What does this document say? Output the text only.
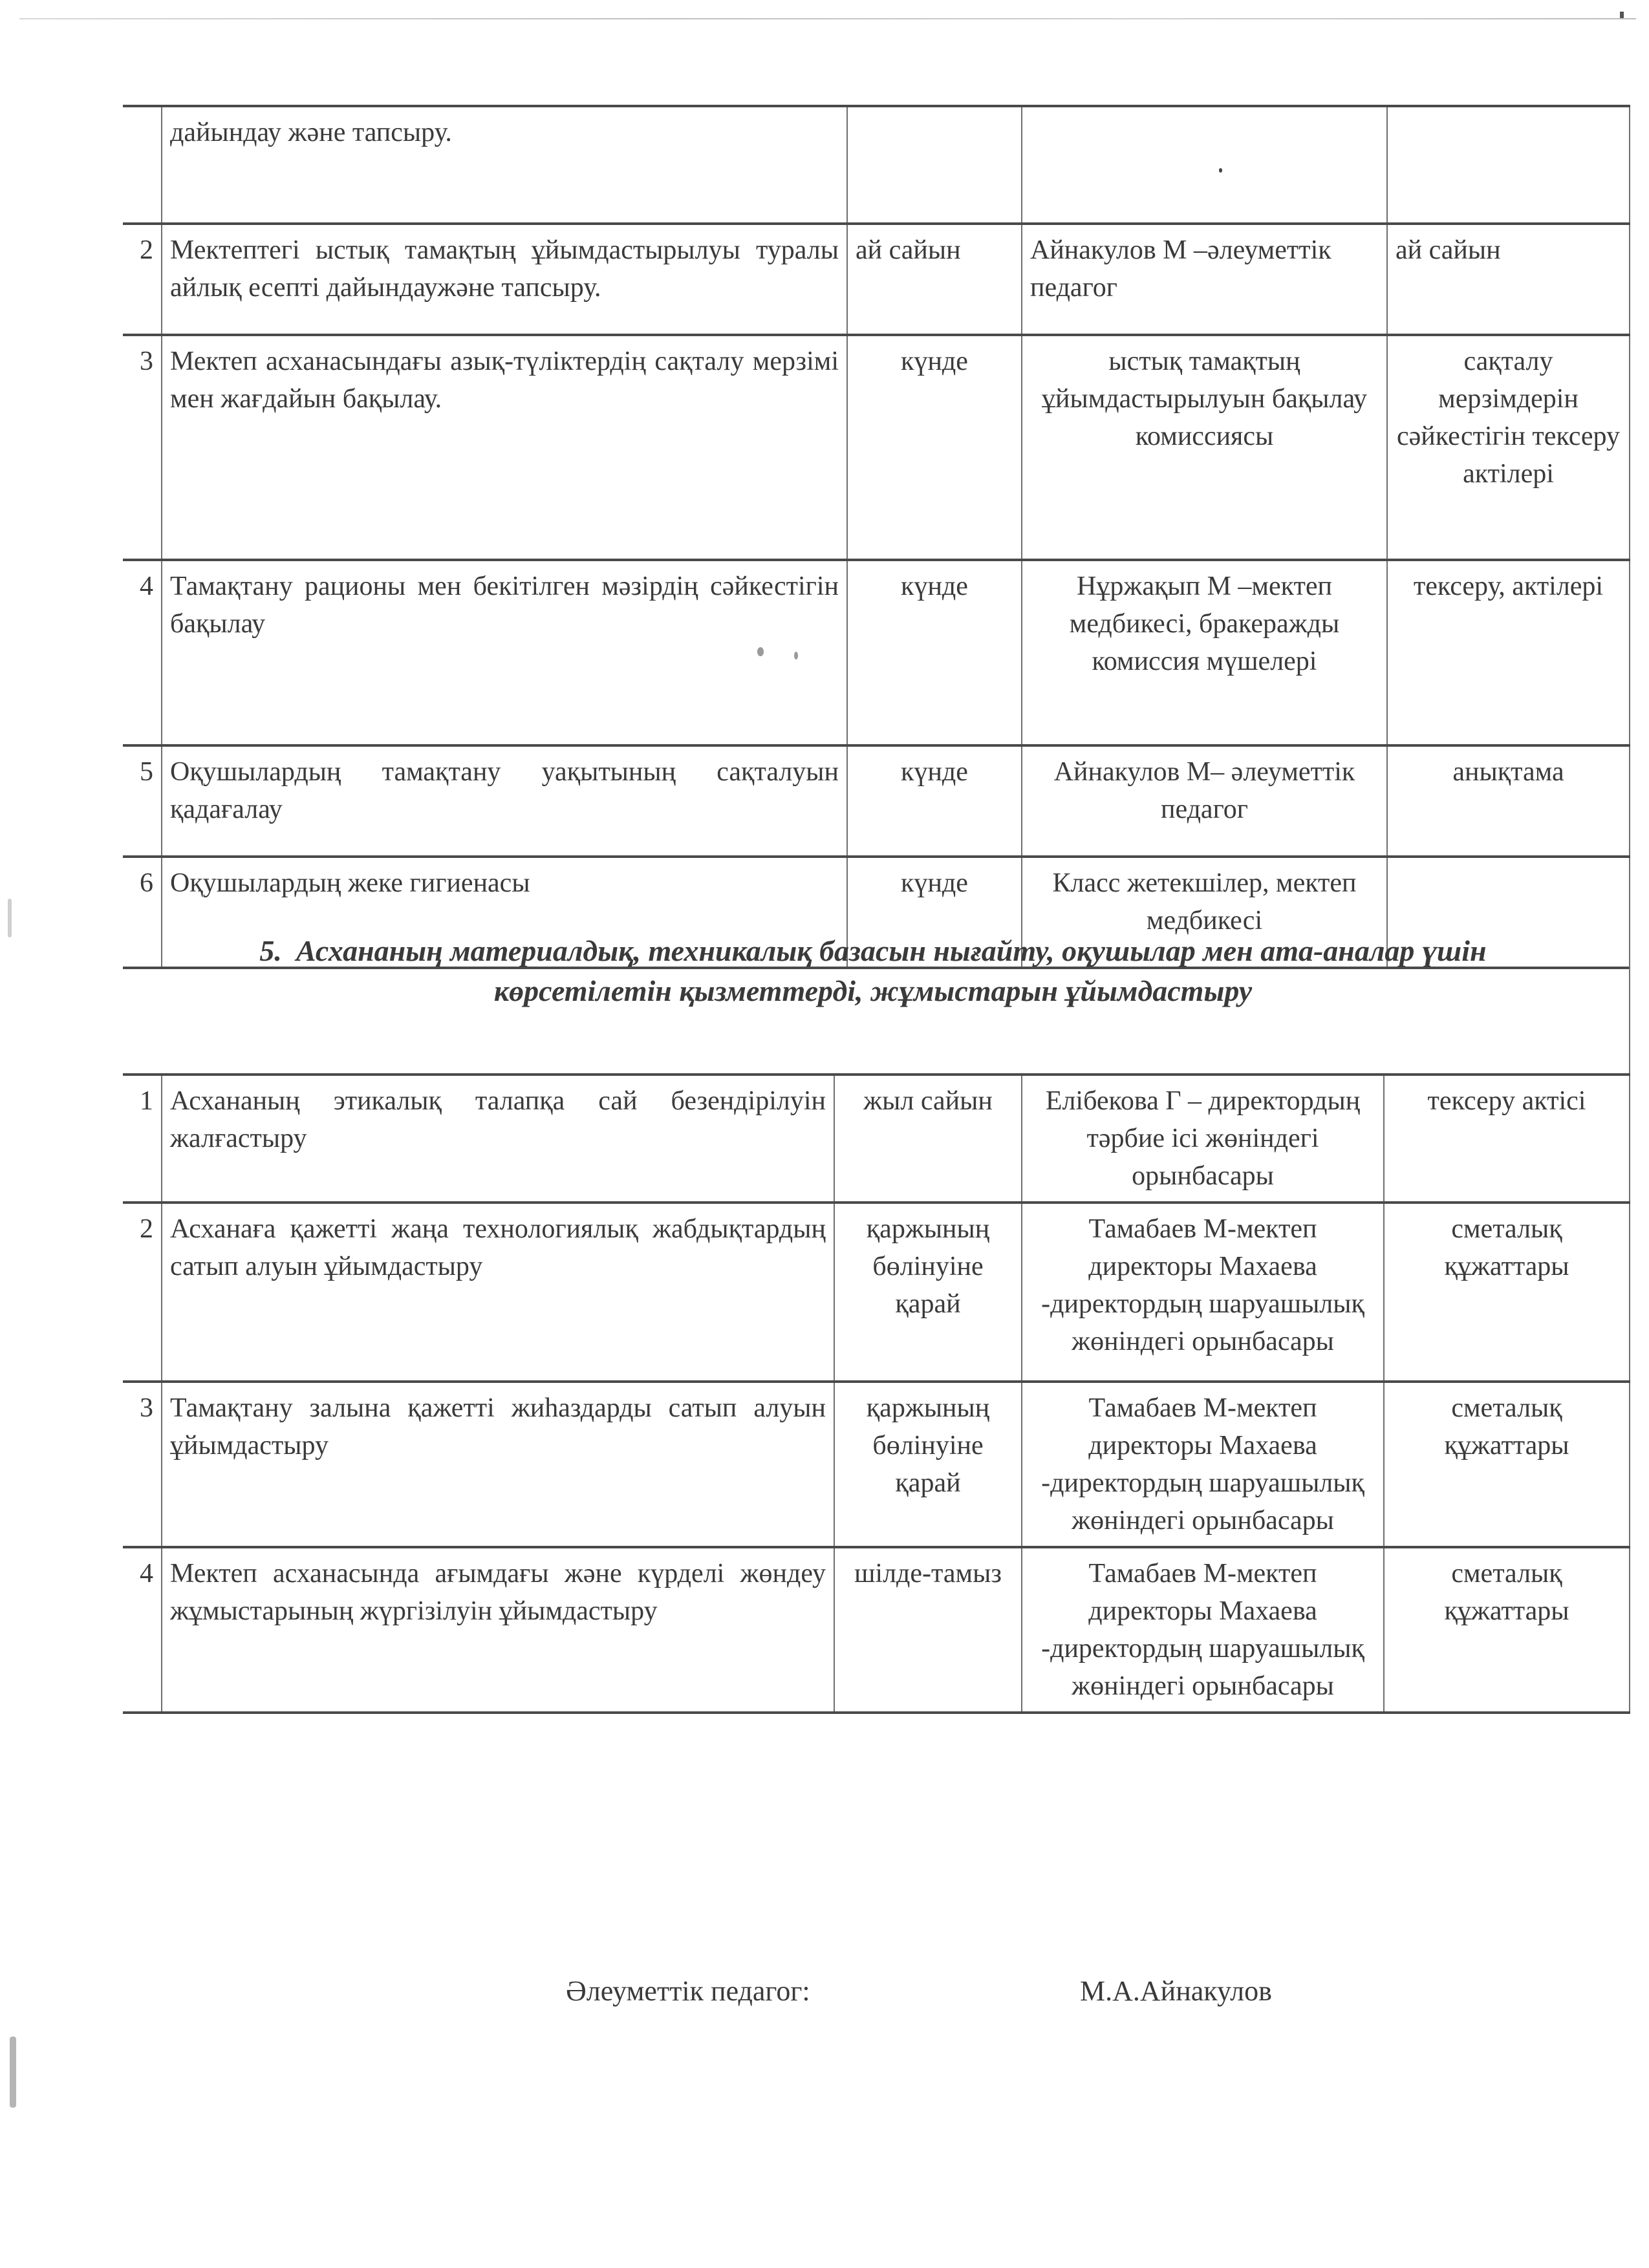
	дайындау және тапсыру.			
2	Мектептегі ыстық тамақтың ұйымдастырылуы туралы айлық есепті дайындаужәне тапсыру.	ай сайын	Айнакулов М –әлеуметтік педагог	ай сайын
3	Мектеп асханасындағы азық-түліктердің сақталу мерзімі мен жағдайын бақылау.	күнде	ыстық тамақтың ұйымдастырылуын бақылау комиссиясы	сақталу мерзімдерін сәйкестігін тексеру актілері
4	Тамақтану рационы мен бекітілген мәзірдің сәйкестігін бақылау	күнде	Нұржақып М –мектеп медбикесі, бракеражды комиссия мүшелері	тексеру, актілері
5	Оқушылардың тамақтану уақытының сақталуын қадағалау	күнде	Айнакулов М– әлеуметтік педагог	анықтама
6	Оқушылардың жеке гигиенасы	күнде	Класс жетекшілер, мектеп медбикесі	
5. Асхананың материалдық, техникалық базасын нығайту, оқушылар мен ата-аналар үшін көрсетілетін қызметтерді, жұмыстарын ұйымдастыру
1	Асхананың этикалық талапқа сай безендірілуін жалғастыру	жыл сайын	Елібекова Г – директордың тәрбие ісі жөніндегі орынбасары	тексеру актісі
2	Асханаға қажетті жаңа технологиялық жабдықтардың сатып алуын ұйымдастыру	қаржының бөлінуіне қарай	Тамабаев М-мектеп директоры Махаева -директордың шаруашылық жөніндегі орынбасары	сметалық құжаттары
3	Тамақтану залына қажетті жиһаздарды сатып алуын ұйымдастыру	қаржының бөлінуіне қарай	Тамабаев М-мектеп директоры Махаева -директордың шаруашылық жөніндегі орынбасары	сметалық құжаттары
4	Мектеп асханасында ағымдағы және күрделі жөндеу жұмыстарының жүргізілуін ұйымдастыру	шілде-тамыз	Тамабаев М-мектеп директоры Махаева -директордың шаруашылық жөніндегі орынбасары	сметалық құжаттары
Әлеуметтік педагог:	М.А.Айнакулов
